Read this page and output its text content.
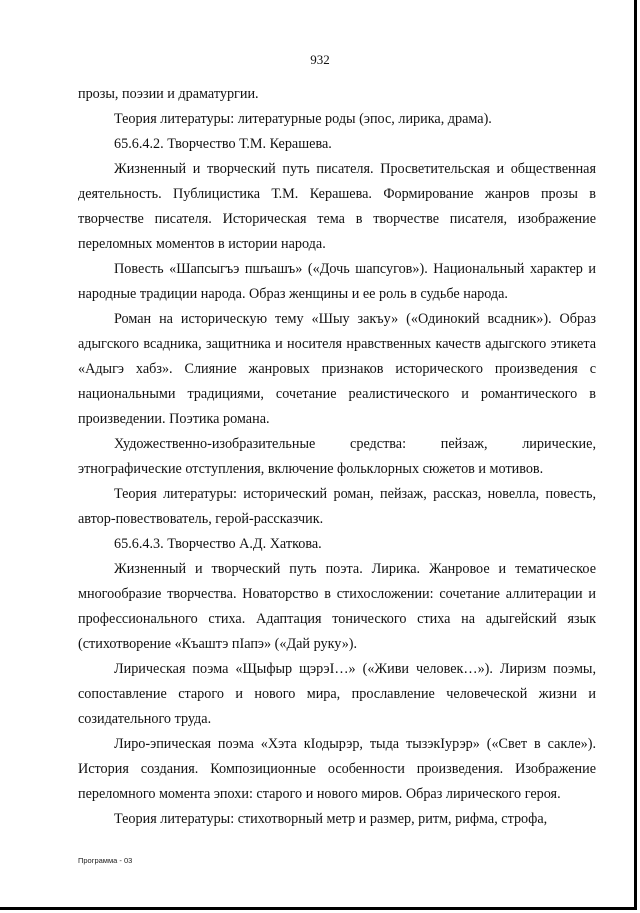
932

прозы, поэзии и драматургии.

Теория литературы: литературные роды (эпос, лирика, драма).

65.6.4.2. Творчество Т.М. Керашева.

Жизненный и творческий путь писателя. Просветительская и общественная деятельность. Публицистика Т.М. Керашева. Формирование жанров прозы в творчестве писателя. Историческая тема в творчестве писателя, изображение переломных моментов в истории народа.

Повесть «Шапсыгъэ пшъашъ» («Дочь шапсугов»). Национальный характер и народные традиции народа. Образ женщины и ее роль в судьбе народа.

Роман на историческую тему «Шыу закъу» («Одинокий всадник»). Образ адыгского всадника, защитника и носителя нравственных качеств адыгского этикета «Адыгэ хабз». Слияние жанровых признаков исторического произведения с национальными традициями, сочетание реалистического и романтического в произведении. Поэтика романа.

Художественно-изобразительные средства: пейзаж, лирические, этнографические отступления, включение фольклорных сюжетов и мотивов.

Теория литературы: исторический роман, пейзаж, рассказ, новелла, повесть, автор-повествователь, герой-рассказчик.

65.6.4.3. Творчество А.Д. Хаткова.

Жизненный и творческий путь поэта. Лирика. Жанровое и тематическое многообразие творчества. Новаторство в стихосложении: сочетание аллитерации и профессионального стиха. Адаптация тонического стиха на адыгейский язык (стихотворение «Къаштэ пIапэ» («Дай руку»).

Лирическая поэма «Щыфыр щэрэI…» («Живи человек…»). Лиризм поэмы, сопоставление старого и нового мира, прославление человеческой жизни и созидательного труда.

Лиро-эпическая поэма «Хэта кIодырэр, тыда тызэкIурэр» («Свет в сакле»). История создания. Композиционные особенности произведения. Изображение переломного момента эпохи: старого и нового миров. Образ лирического героя.

Теория литературы: стихотворный метр и размер, ритм, рифма, строфа,

Программа - 03
